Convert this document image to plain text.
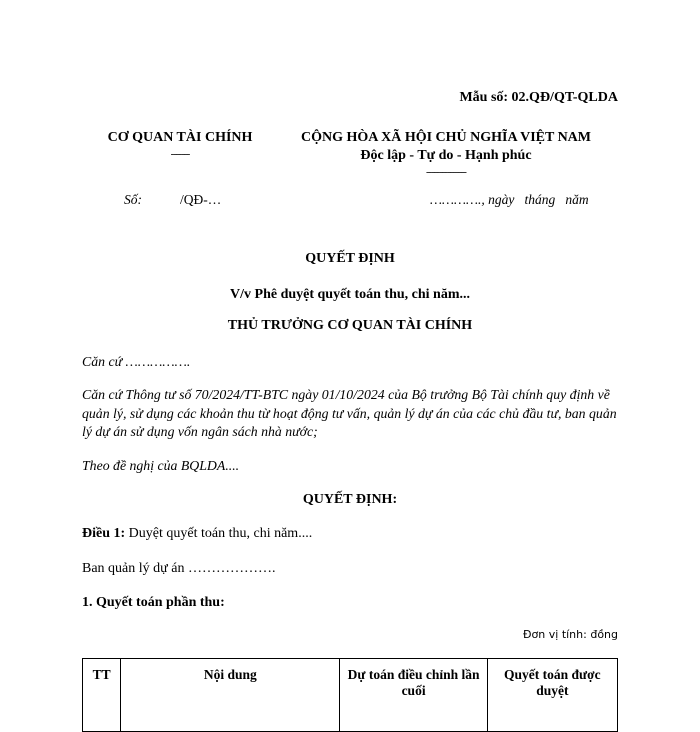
Mẫu số: 02.QĐ/QT-QLDA
CƠ QUAN TÀI CHÍNH
-------
CỘNG HÒA XÃ HỘI CHỦ NGHĨA VIỆT NAM
Độc lập - Tự do - Hạnh phúc
---------------
Số:	/QĐ-…	…………., ngày   tháng   năm
QUYẾT ĐỊNH
V/v Phê duyệt quyết toán thu, chi năm...
THỦ TRƯỞNG CƠ QUAN TÀI CHÍNH
Căn cứ …………….
Căn cứ Thông tư số 70/2024/TT-BTC ngày 01/10/2024 của Bộ trưởng Bộ Tài chính quy định về quản lý, sử dụng các khoản thu từ hoạt động tư vấn, quản lý dự án của các chủ đầu tư, ban quản lý dự án sử dụng vốn ngân sách nhà nước;
Theo đề nghị của BQLDA....
QUYẾT ĐỊNH:
Điều 1: Duyệt quyết toán thu, chi năm....
Ban quản lý dự án ……………….
1. Quyết toán phần thu:
Đơn vị tính: đồng
TT	Nội dung	Dự toán điều chỉnh lần cuối	Quyết toán được duyệt
